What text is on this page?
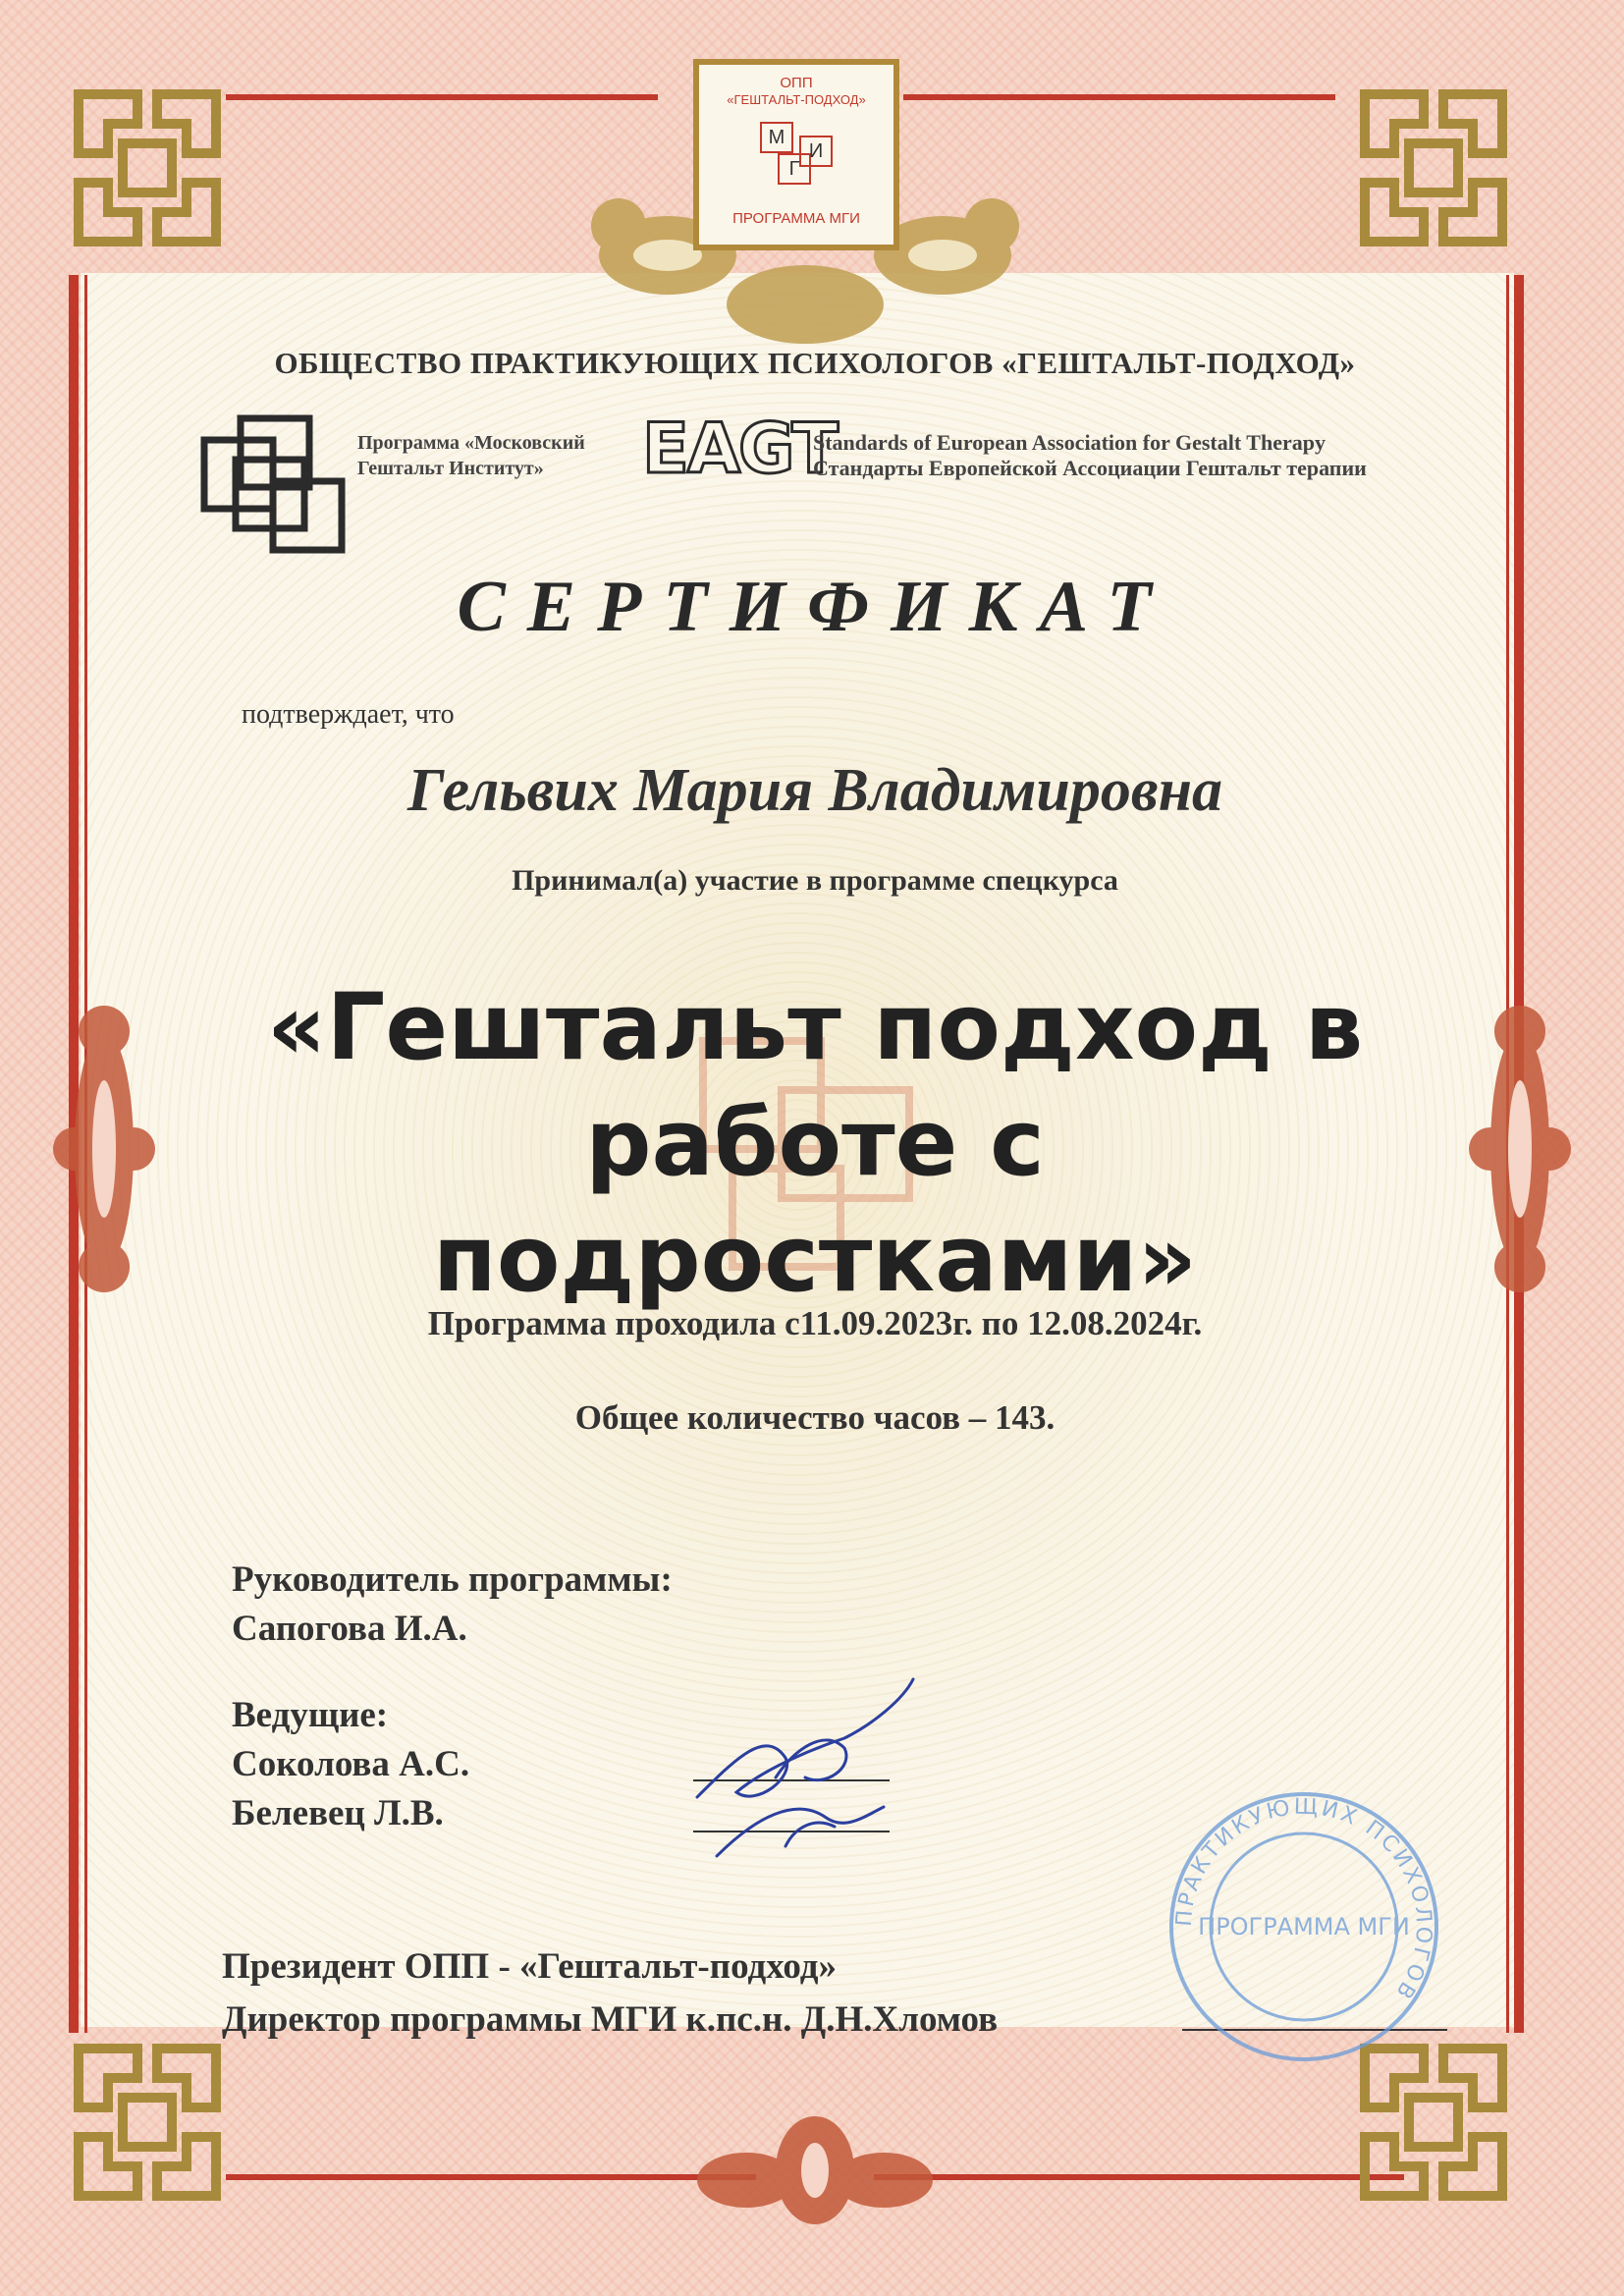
ОПП
«ГЕШТАЛЬТ-ПОДХОД»
М
Г
И
ПРОГРАММА МГИ
ОБЩЕСТВО ПРАКТИКУЮЩИХ ПСИХОЛОГОВ «ГЕШТАЛЬТ-ПОДХОД»
Программа «Московский
Гештальт Институт»	EAGT
Standards of European Association for Gestalt Therapy
Стандарты Европейской Ассоциации Гештальт терапии
СЕРТИФИКАТ
подтверждает, что
Гельвих Мария Владимировна
Принимал(а) участие в программе спецкурса
«Гештальт подход в работе с
подростками»
Программа проходила с11.09.2023г. по 12.08.2024г.
Общее количество часов – 143.
Руководитель программы:
Сапогова И.А.
Ведущие:
Соколова А.С.
Белевец Л.В.
Президент ОПП - «Гештальт-подход»
Директор программы МГИ к.пс.н. Д.Н.Хломов
ПРАКТИКУЮЩИХ ПСИХОЛОГОВ
ПРОГРАММА МГИ
